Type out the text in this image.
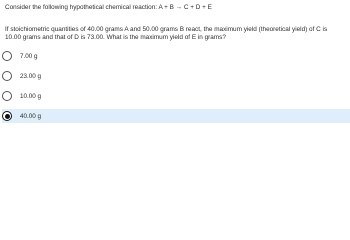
Consider the following hypothetical chemical reaction: A + B → C + D + E
If stoichiometric quantities of 40.00 grams A and 50.00 grams B react, the maximum yield (theoretical yield) of C is
10.00 grams and that of D is 73.00. What is the maximum yield of E in grams?
7.00 g
23.00 g
10.00 g
40.00 g
